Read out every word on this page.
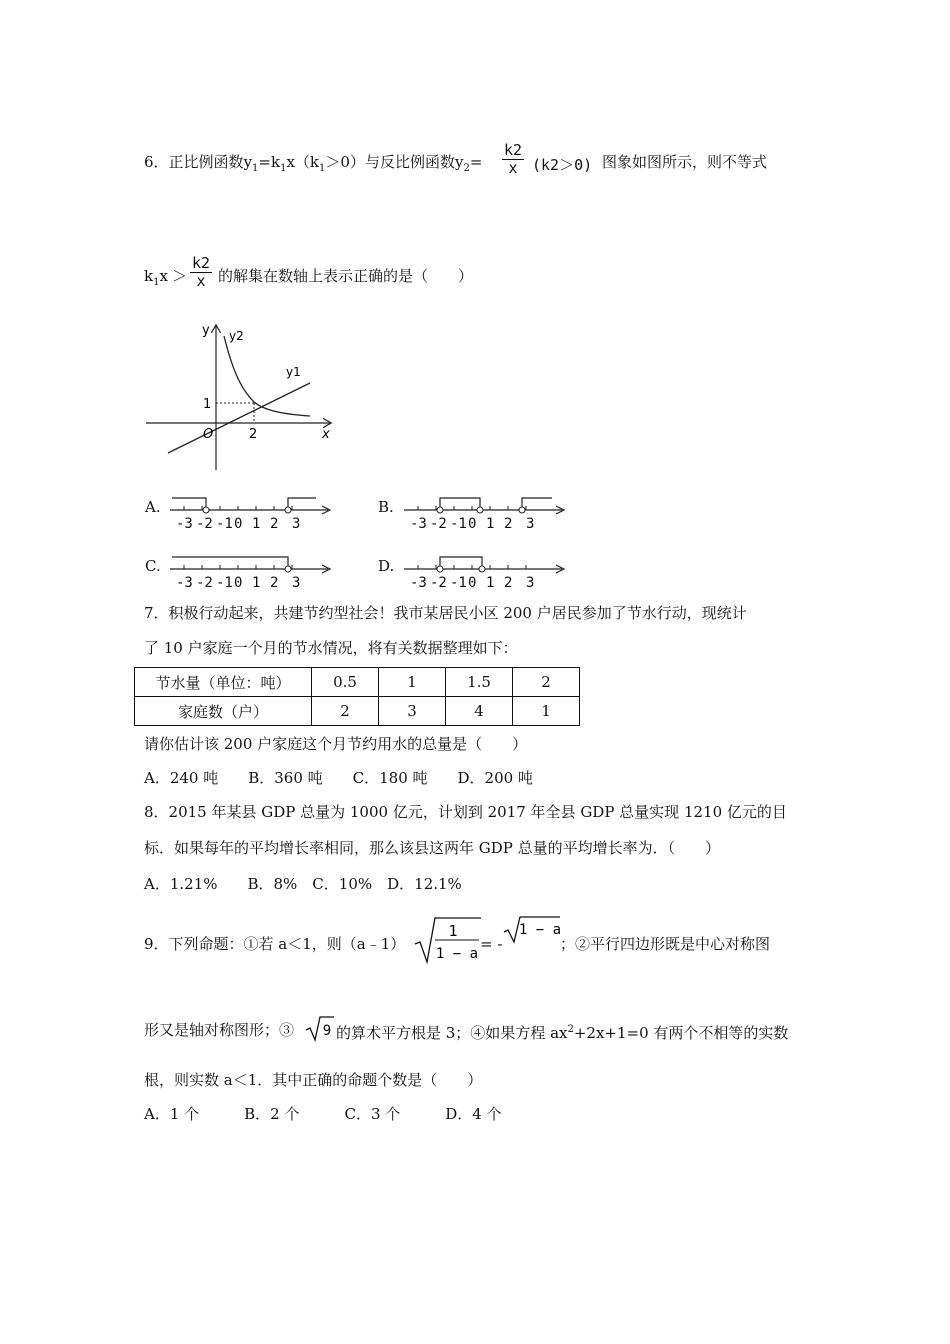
6．正比例函数$y_1=k_1x(k_1>0)$与反比例函数$y_2= \frac{k2}{x} (k2>0)$ 图象如图所示，则不等式
$k_1x > \frac{k2}{x}$ 的解集在数轴上表示正确的是（　　）
y y2
y1
1
O	2	x
A.
-3 -2 -1 0 1 2 3
B.
-3 -2 -1 0 1 2 3
C.
-3 -2 -1 0 1 2 3
D.
-3 -2 -1 0 1 2 3
7．积极行动起来，共建节约型社会！我市某居民小区 200 户居民参加了节水行动，现统计
了 10 户家庭一个月的节水情况，将有关数据整理如下：
节水量（单位：吨）	0.5	1	1.5	2
家庭数（户）	2	3	4	1
请你估计该 200 户家庭这个月节约用水的总量是（　　）
A．240 吨　　B．360 吨　　C．180 吨　　D．200 吨
8．2015 年某县 GDP 总量为 1000 亿元，计划到 2017 年全县 GDP 总量实现 1210 亿元的目
标．如果每年的平均增长率相同，那么该县这两年 GDP 总量的平均增长率为．（　　）
A．1.21%　　B．8%　C．10%　D．12.1%
9．下列命题：①若 a＜1，则（a﹣1）
1
1 − a
= -
1 − a
；②平行四边形既是中心对称图
形又是轴对称图形；③ 9 的算术平方根是 3；④如果方程 $ax^2+2x+1=0$ 有两个不相等的实数
根，则实数 a＜1．其中正确的命题个数是（　　）
A．1 个　　　B．2 个　　　C．3 个　　　D．4 个
